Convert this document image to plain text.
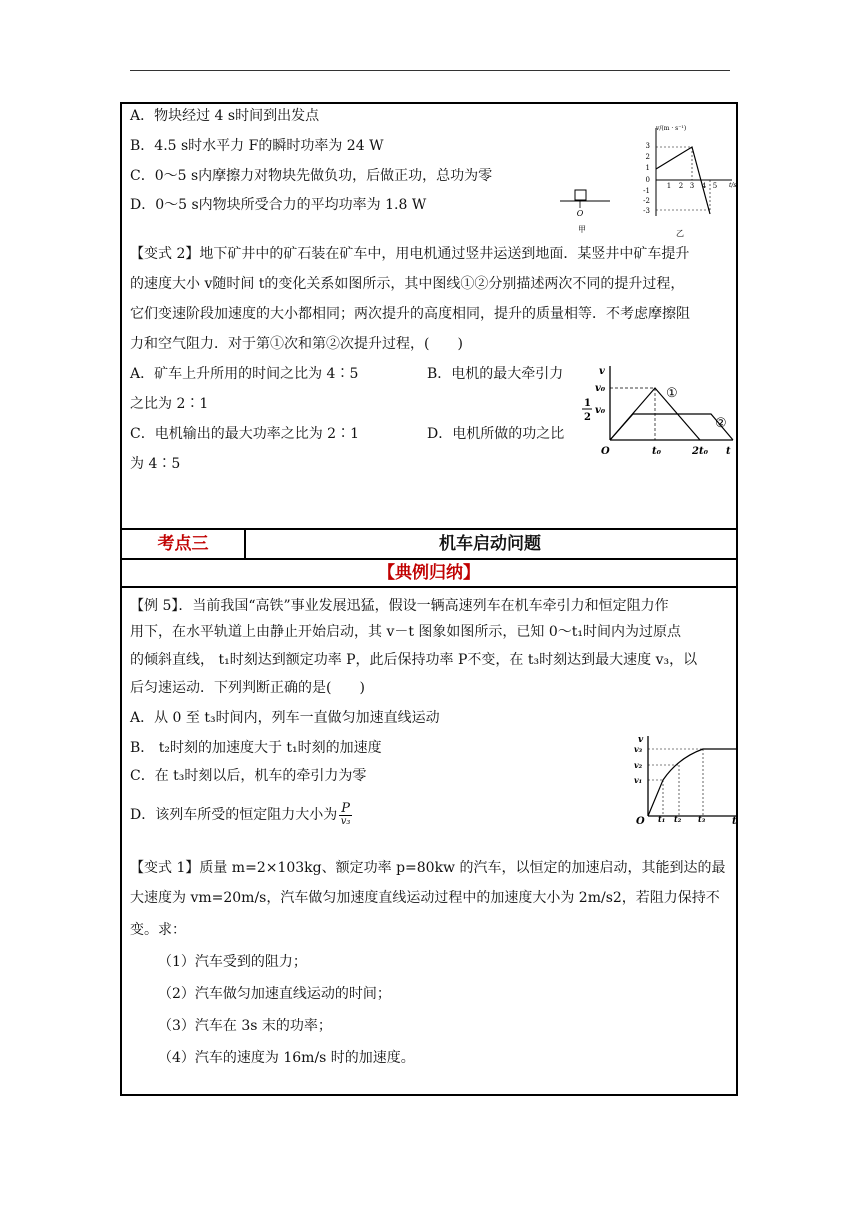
A．物块经过 4 s时间到出发点
B．4.5 s时水平力 F的瞬时功率为 24 W
C．0～5 s内摩擦力对物块先做负功，后做正功，总功为零
D．0～5 s内物块所受合力的平均功率为 1.8 W
O
甲
v/(m · s⁻¹)
t/s
3
2
1
0
-1
-2
-3
1 2 3 4 5
乙
【变式 2】地下矿井中的矿石装在矿车中，用电机通过竖井运送到地面．某竖井中矿车提升
的速度大小 v随时间 t的变化关系如图所示，其中图线①②分别描述两次不同的提升过程，
它们变速阶段加速度的大小都相同；两次提升的高度相同，提升的质量相等．不考虑摩擦阻
力和空气阻力．对于第①次和第②次提升过程，(　　)
A．矿车上升所用的时间之比为 4∶5	B．电机的最大牵引力
之比为 2∶1
C．电机输出的最大功率之比为 2∶1	D．电机所做的功之比
为 4∶5
v
v₀
1
2
v₀
O	t₀	2t₀ t
①
②
考点三	机车启动问题
【典例归纳】
【例 5】．当前我国“高铁”事业发展迅猛，假设一辆高速列车在机车牵引力和恒定阻力作
用下，在水平轨道上由静止开始启动，其 v－t 图象如图所示，已知 0～t₁时间内为过原点
的倾斜直线， t₁时刻达到额定功率 P，此后保持功率 P不变，在 t₃时刻达到最大速度 v₃，以
后匀速运动．下列判断正确的是(　　)
A．从 0 至 t₃时间内，列车一直做匀加速直线运动
B． t₂时刻的加速度大于 t₁时刻的加速度
C．在 t₃时刻以后，机车的牵引力为零
D．该列车所受的恒定阻力大小为 $\frac{P}{\text{v₃}}$
v
v₃
v₂
v₁
O t₁ t₂ t₃	t
【变式 1】质量 m=2×103kg、额定功率 p=80kw 的汽车，以恒定的加速启动，其能到达的最
大速度为 vm=20m/s，汽车做匀加速度直线运动过程中的加速度大小为 2m/s2，若阻力保持不
变。求：
（1）汽车受到的阻力；
（2）汽车做匀加速直线运动的时间；
（3）汽车在 3s 末的功率；
（4）汽车的速度为 16m/s 时的加速度。
